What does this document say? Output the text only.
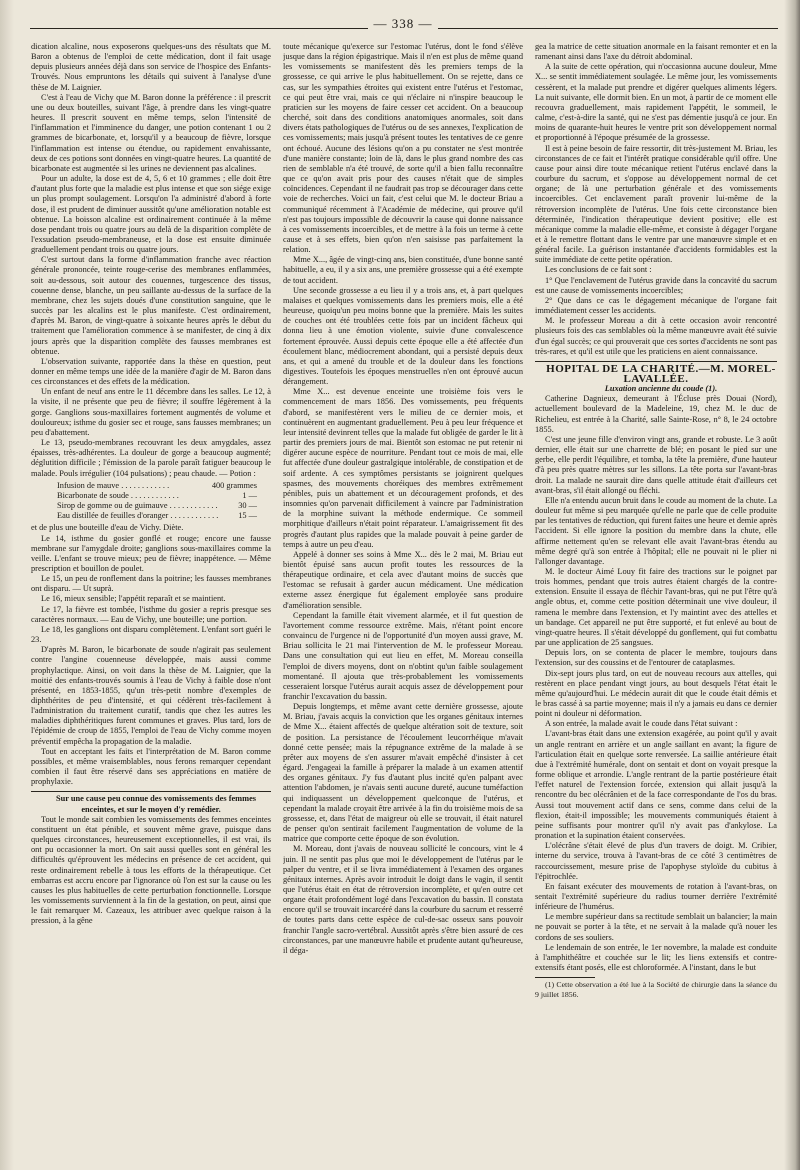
— 338 —

dication alcaline, nous exposerons quelques-uns des résultats que M. Baron a obtenus de l'emploi de cette médication, dont il fait usage depuis plusieurs années déjà dans son service de l'hospice des Enfants-Trouvés. Nous empruntons les détails qui suivent à l'analyse d'une thèse de M. Laignier.

C'est à l'eau de Vichy que M. Baron donne la préférence : il prescrit une ou deux bouteilles, suivant l'âge, à prendre dans les vingt-quatre heures. Il prescrit souvent en même temps, selon l'intensité de l'inflammation et l'imminence du danger, une potion contenant 1 ou 2 grammes de bicarbonate, et, lorsqu'il y a beaucoup de fièvre, lorsque l'inflammation est intense ou étendue, ou rapidement envahissante, deux de ces potions sont données en vingt-quatre heures. La quantité de bicarbonate est augmentée si les urines ne deviennent pas alcalines.

Pour un adulte, la dose est de 4, 5, 6 et 10 grammes ; elle doit être d'autant plus forte que la maladie est plus intense et que son siége exige un plus prompt soulagement. Lorsqu'on l'a administré d'abord à forte dose, il est prudent de diminuer aussitôt qu'une amélioration notable est obtenue. La boisson alcaline est ordinairement continuée à la même dose pendant trois ou quatre jours au delà de la disparition complète de l'exsudation pseudo-membraneuse, et la dose est ensuite diminuée graduellement pendant trois ou quatre jours.

C'est surtout dans la forme d'inflammation franche avec réaction générale prononcée, teinte rouge-cerise des membranes enflammées, soit au-dessous, soit autour des couennes, turgescence des tissus, couenne dense, blanche, un peu saillante au-dessus de la surface de la membrane, chez les sujets doués d'une constitution sanguine, que le succès par les alcalins est le plus manifeste. C'est ordinairement, d'après M. Baron, de vingt-quatre à soixante heures après le début du traitement que l'amélioration commence à se manifester, de cinq à dix jours après que la disparition complète des fausses membranes est obtenue.

L'observation suivante, rapportée dans la thèse en question, peut donner en même temps une idée de la manière d'agir de M. Baron dans ces circonstances et des effets de la médication.

Un enfant de neuf ans entre le 11 décembre dans les salles. Le 12, à la visite, il ne présente que peu de fièvre; il souffre légèrement à la gorge. Ganglions sous-maxillaires fortement augmentés de volume et douloureux; isthme du gosier sec et rouge, sans fausses membranes; un peu d'abattement.

Le 13, pseudo-membranes recouvrant les deux amygdales, assez épaisses, très-adhérentes. La douleur de gorge a beaucoup augmenté; déglutition difficile ; l'émission de la parole paraît fatiguer beaucoup le malade. Pouls irrégulier (104 pulsations) ; peau chaude. — Potion :

Infusion de mauve . . .	400 grammes
Bicarbonate de soude . . .	1 —
Sirop de gomme ou de guimauve . . .	30 —
Eau distillée de feuilles d'oranger . . .	15 —

et de plus une bouteille d'eau de Vichy. Diète.

Le 14, isthme du gosier gonflé et rouge; encore une fausse membrane sur l'amygdale droite; ganglions sous-maxillaires comme la veille. L'enfant se trouve mieux; peu de fièvre; inappétence. — Même prescription et bouillon de poulet.

Le 15, un peu de ronflement dans la poitrine; les fausses membranes ont disparu. — Ut suprà.

Le 16, mieux sensible; l'appétit reparaît et se maintient.

Le 17, la fièvre est tombée, l'isthme du gosier a repris presque ses caractères normaux. — Eau de Vichy, une bouteille; une portion.

Le 18, les ganglions ont disparu complètement. L'enfant sort guéri le 23.

D'après M. Baron, le bicarbonate de soude n'agirait pas seulement contre l'angine couenneuse développée, mais aussi comme prophylactique. Ainsi, on voit dans la thèse de M. Laignier, que la moitié des enfants-trouvés soumis à l'eau de Vichy à faible dose n'ont présenté, en 1853-1855, qu'un très-petit nombre d'exemples de diphthérites de peu d'intensité, et qui cédèrent très-facilement à l'administration du traitement curatif, tandis que chez les autres les maladies diphthéritiques furent communes et graves. Plus tard, lors de l'épidémie de croup de 1855, l'emploi de l'eau de Vichy comme moyen préventif empêcha la propagation de la maladie.

Tout en acceptant les faits et l'interprétation de M. Baron comme possibles, et même vraisemblables, nous ferons remarquer cependant combien il faut être réservé dans ses appréciations en matière de prophylaxie.

Sur une cause peu connue des vomissements des femmes enceintes, et sur le moyen d'y remédier.

Tout le monde sait combien les vomissements des femmes enceintes constituent un état pénible, et souvent même grave, puisque dans quelques circonstances, heureusement exceptionnelles, il est vrai, ils ont pu occasionner la mort. On sait aussi quelles sont en général les difficultés qu'éprouvent les médecins en présence de cet accident, qui reste ordinairement rebelle à tous les efforts de la thérapeutique. Cet embarras est accru encore par l'ignorance où l'on est sur la cause ou les causes les plus habituelles de cette perturbation fonctionnelle. Lorsque les vomissements surviennent à la fin de la gestation, on peut, ainsi que le fait remarquer M. Cazeaux, les attribuer avec quelque raison à la pression, à la gêne

toute mécanique qu'exerce sur l'estomac l'utérus, dont le fond s'élève jusque dans la région épigastrique. Mais il n'en est plus de même quand les vomissements se manifestent dès les premiers temps de la grossesse, ce qui arrive le plus habituellement. On se rejette, dans ce cas, sur les sympathies étroites qui existent entre l'utérus et l'estomac, ce qui peut être vrai, mais ce qui n'éclaire ni n'inspire beaucoup le praticien sur les moyens de faire cesser cet accident. On a beaucoup cherché, soit dans des conditions anatomiques anormales, soit dans divers états pathologiques de l'utérus ou de ses annexes, l'explication de ces vomissements; mais jusqu'à présent toutes les tentatives de ce genre ont échoué. Aucune des lésions qu'on a pu constater ne s'est montrée d'une manière constante; loin de là, dans le plus grand nombre des cas rien de semblable n'a été trouvé, de sorte qu'il a bien fallu reconnaître que ce qu'on avait pris pour des causes n'était que de simples coïncidences. Cependant il ne faudrait pas trop se décourager dans cette voie de recherches. Voici un fait, c'est celui que M. le docteur Briau a communiqué récemment à l'Académie de médecine, qui prouve qu'il n'est pas toujours impossible de découvrir la cause qui donne naissance à ces vomissements incoercibles, et de mettre à la fois un terme à cette cause et à ses effets, bien qu'on n'en saisisse pas parfaitement la relation.

Mme X..., âgée de vingt-cinq ans, bien constituée, d'une bonne santé habituelle, a eu, il y a six ans, une première grossesse qui a été exempte de tout accident.

Une seconde grossesse a eu lieu il y a trois ans, et, à part quelques malaises et quelques vomissements dans les premiers mois, elle a été heureuse, quoiqu'un peu moins bonne que la première. Mais les suites de couches ont été troublées cette fois par un incident fâcheux qui donna lieu à une émotion violente, suivie d'une convalescence fortement éprouvée. Aussi depuis cette époque elle a été affectée d'un écoulement blanc, médiocrement abondant, qui a persisté depuis deux ans, et qui a amené du trouble et de la douleur dans les fonctions digestives. Toutefois les époques menstruelles n'en ont éprouvé aucun dérangement.

Mme X... est devenue enceinte une troisième fois vers le commencement de mars 1856. Des vomissements, peu fréquents d'abord, se manifestèrent vers le milieu de ce dernier mois, et continuèrent en augmentant graduellement. Peu à peu leur fréquence et leur intensité devinrent telles que la malade fut obligée de garder le lit à partir des premiers jours de mai. Bientôt son estomac ne put retenir ni digérer aucune espèce de nourriture. Pendant tout ce mois de mai, elle fut affectée d'une douleur gastralgique intolérable, de constipation et de soif ardente. A ces symptômes persistants se joignirent quelques spasmes, des mouvements choréiques des membres extrêmement pénibles, puis un abattement et un découragement profonds, et des insomnies qu'on parvenait difficilement à vaincre par l'administration de la morphine suivant la méthode endermique. Ce sommeil morphitique d'ailleurs n'était point réparateur. L'amaigrissement fit des progrès d'autant plus rapides que la malade pouvait à peine garder de temps à autre un peu d'eau.

Appelé à donner ses soins à Mme X... dès le 2 mai, M. Briau eut bientôt épuisé sans aucun profit toutes les ressources de la thérapeutique ordinaire, et cela avec d'autant moins de succès que l'estomac se refusait à garder aucun médicament. Une médication externe assez énergique fut également employée sans produire d'amélioration sensible.

Cependant la famille était vivement alarmée, et il fut question de l'avortement comme ressource extrême. Mais, n'étant point encore convaincu de l'urgence ni de l'opportunité d'un moyen aussi grave, M. Briau sollicita le 21 mai l'intervention de M. le professeur Moreau. Dans une consultation qui eut lieu en effet, M. Moreau conseilla l'emploi de divers moyens, dont on n'obtint qu'un faible soulagement momentané. Il ajouta que très-probablement les vomissements cesseraient lorsque l'utérus aurait acquis assez de développement pour franchir l'excavation du bassin.

Depuis longtemps, et même avant cette dernière grossesse, ajoute M. Briau, j'avais acquis la conviction que les organes génitaux internes de Mme X... étaient affectés de quelque altération soit de texture, soit de position. La persistance de l'écoulement leucorrhéique m'avait donné cette pensée; mais la répugnance extrême de la malade à se prêter aux moyens de s'en assurer m'avait empêché d'insister à cet égard. J'engageai la famille à préparer la malade à un examen attentif des organes génitaux. J'y fus d'autant plus incité qu'en palpant avec attention l'abdomen, je n'avais senti aucune dureté, aucune tuméfaction qui indiquassent un développement quelconque de l'utérus, et cependant la malade croyait être arrivée à la fin du troisième mois de sa grossesse, et, dans l'état de maigreur où elle se trouvait, il était naturel de penser qu'on sentirait facilement l'augmentation de volume de la matrice que comporte cette époque de son évolution.

M. Moreau, dont j'avais de nouveau sollicité le concours, vint le 4 juin. Il ne sentit pas plus que moi le développement de l'utérus par le palper du ventre, et il se livra immédiatement à l'examen des organes génitaux internes. Après avoir introduit le doigt dans le vagin, il sentit que l'utérus était en état de rétroversion incomplète, et qu'en outre cet organe était profondément logé dans l'excavation du bassin. Il constata encore qu'il se trouvait incarcéré dans la courbure du sacrum et resserré de toutes parts dans cette espèce de cul-de-sac osseux sans pouvoir franchir l'angle sacro-vertébral. Aussitôt après s'être bien assuré de ces circonstances, par une manœuvre habile et prudente autant qu'heureuse, il déga-

gea la matrice de cette situation anormale en la faisant remonter et en la ramenant ainsi dans l'axe du détroit abdominal.

A la suite de cette opération, qui n'occasionna aucune douleur, Mme X... se sentit immédiatement soulagée. Le même jour, les vomissements cessèrent, et la malade put prendre et digérer quelques aliments légers. La nuit suivante, elle dormit bien. En un mot, à partir de ce moment elle recouvra graduellement, mais rapidement l'appétit, le sommeil, le calme, c'est-à-dire la santé, qui ne s'est pas démentie jusqu'à ce jour. En moins de quarante-huit heures le ventre prit son développement normal et proportionné à l'époque présumée de la grossesse.

Il est à peine besoin de faire ressortir, dit très-justement M. Briau, les circonstances de ce fait et l'intérêt pratique considérable qu'il offre. Une cause pour ainsi dire toute mécanique retient l'utérus enclavé dans la courbure du sacrum, et s'oppose au développement normal de cet organe; de là une perturbation générale et des vomissements incoercibles. Cet enclavement paraît provenir lui-même de la rétroversion incomplète de l'utérus. Une fois cette circonstance bien déterminée, l'indication thérapeutique devient positive; elle est mécanique comme la maladie elle-même, et consiste à dégager l'organe et à le remettre flottant dans le ventre par une manœuvre simple et en général facile. La guérison instantanée d'accidents formidables est la suite immédiate de cette petite opération.

Les conclusions de ce fait sont :

1° Que l'enclavement de l'utérus gravide dans la concavité du sacrum est une cause de vomissements incoercibles;

2° Que dans ce cas le dégagement mécanique de l'organe fait immédiatement cesser les accidents.

M. le professeur Moreau a dit à cette occasion avoir rencontré plusieurs fois des cas semblables où la même manœuvre avait été suivie d'un égal succès; ce qui prouverait que ces sortes d'accidents ne sont pas très-rares, et qu'il est utile que les praticiens en aient connaissance.

HOPITAL DE LA CHARITÉ.—M. MOREL-LAVALLÉE.

Luxation ancienne du coude (1).

Catherine Dagnieux, demeurant à l'Écluse près Douai (Nord), actuellement boulevard de la Madeleine, 19, chez M. le duc de Richelieu, est entrée à la Charité, salle Sainte-Rose, n° 8, le 24 octobre 1855.

C'est une jeune fille d'environ vingt ans, grande et robuste. Le 3 août dernier, elle était sur une charrette de blé; en posant le pied sur une gerbe, elle perdit l'équilibre, et tomba, la tête la première, d'une hauteur d'à peu près quatre mètres sur les sillons. La tête porta sur l'avant-bras droit. La malade ne saurait dire dans quelle attitude était d'ailleurs cet avant-bras, s'il était allongé ou fléchi.

Elle n'a entendu aucun bruit dans le coude au moment de la chute. La douleur fut même si peu marquée qu'elle ne parle que de celle produite par les tentatives de réduction, qui furent faites une heure et demie après l'accident. Si elle ignore la position du membre dans la chute, elle affirme nettement qu'en se relevant elle avait l'avant-bras étendu au même degré qu'à son entrée à l'hôpital; elle ne pouvait ni le plier ni l'allonger davantage.

M. le docteur Aimé Louy fit faire des tractions sur le poignet par trois hommes, pendant que trois autres étaient chargés de la contre-extension. Ensuite il essaya de fléchir l'avant-bras, qui ne put l'être qu'à angle obtus, et, comme cette position déterminait une vive douleur, il ramena le membre dans l'extension, et l'y maintint avec des attelles et un bandage. Cet appareil ne put être supporté, et fut enlevé au bout de vingt-quatre heures. Il s'était développé du gonflement, qui fut combattu par une application de 25 sangsues.

Depuis lors, on se contenta de placer le membre, toujours dans l'extension, sur des coussins et de l'entourer de cataplasmes.

Dix-sept jours plus tard, on eut de nouveau recours aux attelles, qui restèrent en place pendant vingt jours, au bout desquels l'état était le même qu'aujourd'hui. Le médecin aurait dit que le coude était démis et le bras cassé à sa partie moyenne; mais il n'y a jamais eu dans ce dernier point ni douleur ni déformation.

A son entrée, la malade avait le coude dans l'état suivant :

L'avant-bras était dans une extension exagérée, au point qu'il y avait un angle rentrant en arrière et un angle saillant en avant; la figure de l'articulation était en quelque sorte renversée. La saillie antérieure était due à l'extrémité humérale, dont on sentait et dont on voyait presque la forme oblique et arrondie. L'angle rentrant de la partie postérieure était l'effet naturel de l'extension forcée, extension qui allait jusqu'à la rencontre du bec olécrânien et de la face correspondante de l'os du bras. Aussi tout mouvement actif dans ce sens, comme dans celui de la flexion, était-il impossible; les mouvements communiqués étaient à peine suffisants pour montrer qu'il n'y avait pas d'ankylose. La pronation et la supination étaient conservées.

L'olécrâne s'était élevé de plus d'un travers de doigt. M. Cribier, interne du service, trouva à l'avant-bras de ce côté 3 centimètres de raccourcissement, mesure prise de l'apophyse styloïde du cubitus à l'épitrochlée.

En faisant exécuter des mouvements de rotation à l'avant-bras, on sentait l'extrémité supérieure du radius tourner derrière l'extrémité inférieure de l'humérus.

Le membre supérieur dans sa rectitude semblait un balancier; la main ne pouvait se porter à la tête, et ne servait à la malade qu'à nouer les cordons de ses souliers.

Le lendemain de son entrée, le 1er novembre, la malade est conduite à l'amphithéâtre et couchée sur le lit; les liens extensifs et contre-extensifs étant posés, elle est chloroformée. A l'instant, dans le but

(1) Cette observation a été lue à la Société de chirurgie dans la séance du 9 juillet 1856.
